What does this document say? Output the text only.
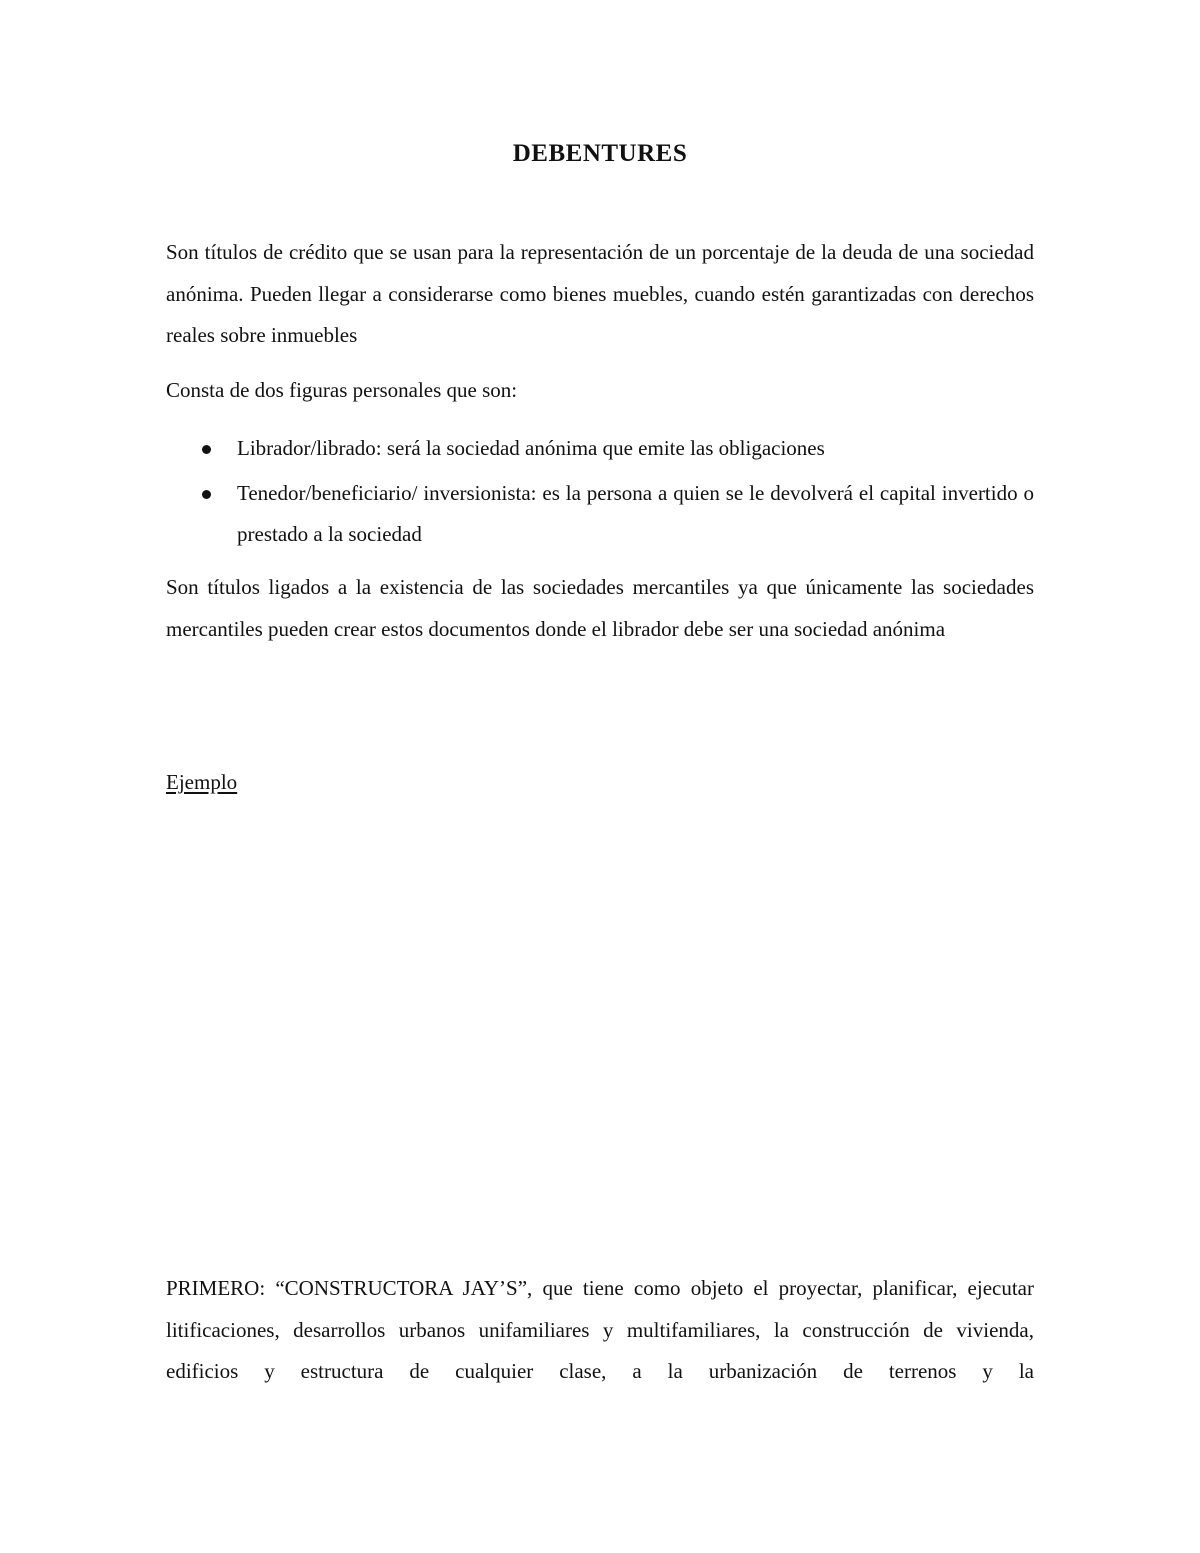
DEBENTURES
Son títulos de crédito que se usan para la representación de un porcentaje de la deuda de una sociedad anónima. Pueden llegar a considerarse como bienes muebles, cuando estén garantizadas con derechos reales sobre inmuebles
Consta de dos figuras personales que son:
Librador/librado: será la sociedad anónima que emite las obligaciones
Tenedor/beneficiario/ inversionista: es la persona a quien se le devolverá el capital invertido o prestado a la sociedad
Son títulos ligados a la existencia de las sociedades mercantiles ya que únicamente las sociedades mercantiles pueden crear estos documentos donde el librador debe ser una sociedad anónima
Ejemplo
PRIMERO: “CONSTRUCTORA JAY’S”, que tiene como objeto el proyectar, planificar, ejecutar litificaciones, desarrollos urbanos unifamiliares y multifamiliares, la construcción de vivienda, edificios y estructura de cualquier clase, a la urbanización de terrenos y la
